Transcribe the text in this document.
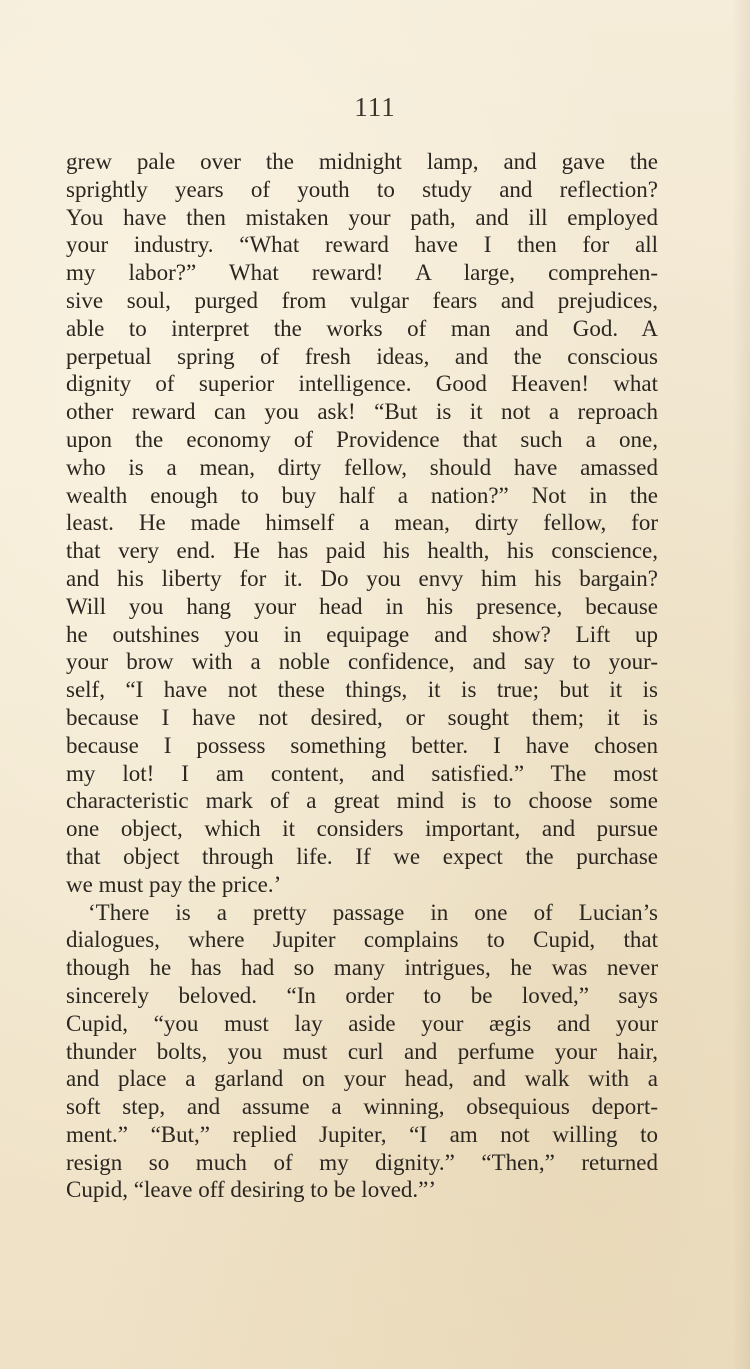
111
grew pale over the midnight lamp, and gave the
sprightly years of youth to study and reflection?
You have then mistaken your path, and ill employed
your industry. “What reward have I then for all
my labor?” What reward! A large, comprehen-
sive soul, purged from vulgar fears and prejudices,
able to interpret the works of man and God. A
perpetual spring of fresh ideas, and the conscious
dignity of superior intelligence. Good Heaven! what
other reward can you ask! “But is it not a reproach
upon the economy of Providence that such a one,
who is a mean, dirty fellow, should have amassed
wealth enough to buy half a nation?” Not in the
least. He made himself a mean, dirty fellow, for
that very end. He has paid his health, his conscience,
and his liberty for it. Do you envy him his bargain?
Will you hang your head in his presence, because
he outshines you in equipage and show? Lift up
your brow with a noble confidence, and say to your-
self, “I have not these things, it is true; but it is
because I have not desired, or sought them; it is
because I possess something better. I have chosen
my lot! I am content, and satisfied.” The most
characteristic mark of a great mind is to choose some
one object, which it considers important, and pursue
that object through life. If we expect the purchase
we must pay the price.’
‘There is a pretty passage in one of Lucian’s
dialogues, where Jupiter complains to Cupid, that
though he has had so many intrigues, he was never
sincerely beloved. “In order to be loved,” says
Cupid, “you must lay aside your ægis and your
thunder bolts, you must curl and perfume your hair,
and place a garland on your head, and walk with a
soft step, and assume a winning, obsequious deport-
ment.” “But,” replied Jupiter, “I am not willing to
resign so much of my dignity.” “Then,” returned
Cupid, “leave off desiring to be loved.”’
